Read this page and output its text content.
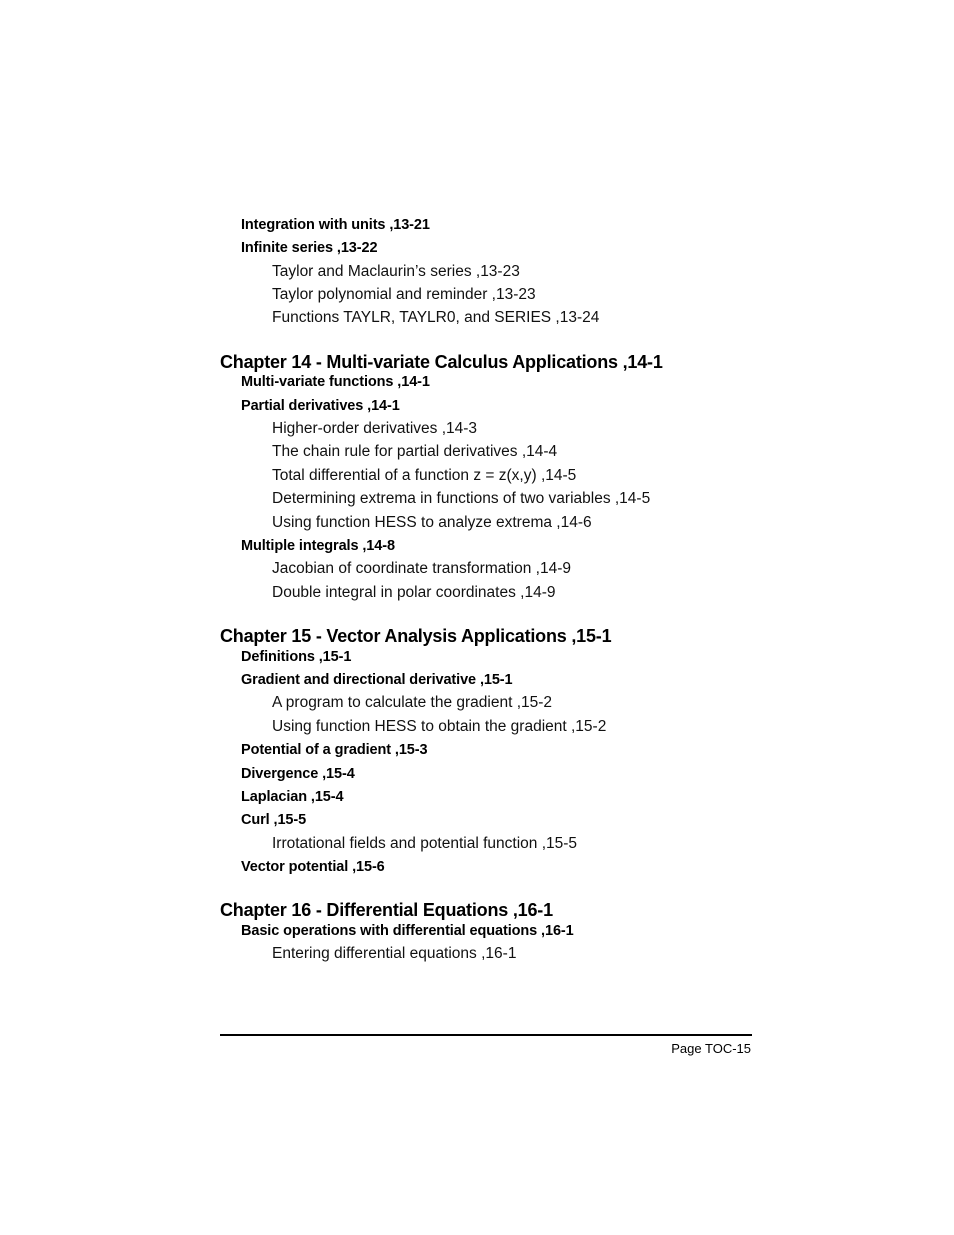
Integration with units ,13-21
Infinite series ,13-22
Taylor and Maclaurin’s series ,13-23
Taylor polynomial and reminder ,13-23
Functions TAYLR, TAYLR0, and SERIES ,13-24
Chapter 14 - Multi-variate Calculus Applications ,14-1
Multi-variate functions ,14-1
Partial derivatives ,14-1
Higher-order derivatives ,14-3
The chain rule for partial derivatives ,14-4
Total differential of a function z = z(x,y) ,14-5
Determining extrema in functions of two variables ,14-5
Using function HESS to analyze extrema ,14-6
Multiple integrals ,14-8
Jacobian of coordinate transformation ,14-9
Double integral in polar coordinates ,14-9
Chapter 15 - Vector Analysis Applications ,15-1
Definitions ,15-1
Gradient and directional derivative ,15-1
A program to calculate the gradient ,15-2
Using function HESS to obtain the gradient ,15-2
Potential of a gradient ,15-3
Divergence ,15-4
Laplacian ,15-4
Curl ,15-5
Irrotational fields and potential function ,15-5
Vector potential ,15-6
Chapter 16 - Differential Equations ,16-1
Basic operations with differential equations ,16-1
Entering differential equations ,16-1
Page TOC-15
